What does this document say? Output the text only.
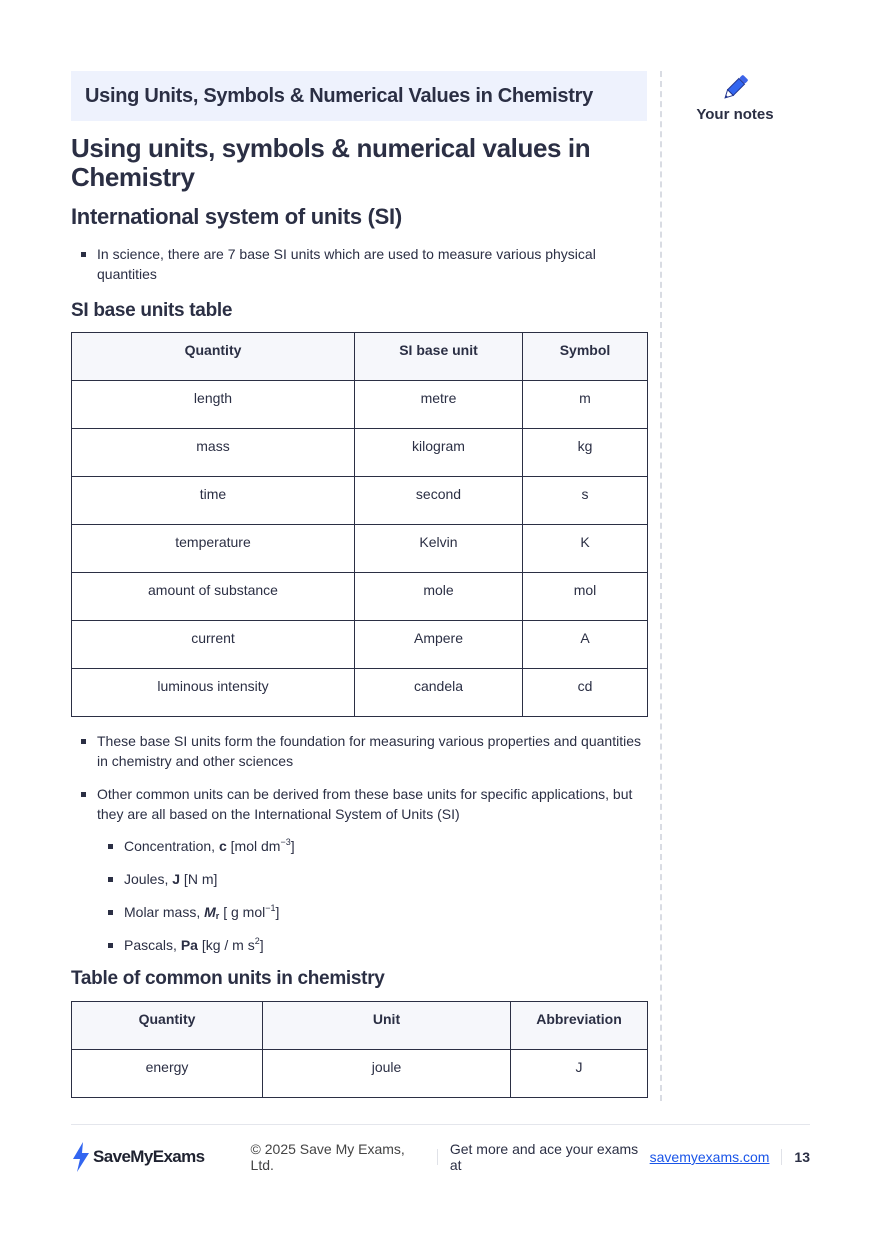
Using Units, Symbols & Numerical Values in Chemistry
Your notes
Using units, symbols & numerical values in Chemistry
International system of units (SI)
In science, there are 7 base SI units which are used to measure various physical quantities
SI base units table
Quantity	SI base unit	Symbol
length	metre	m
mass	kilogram	kg
time	second	s
temperature	Kelvin	K
amount of substance	mole	mol
current	Ampere	A
luminous intensity	candela	cd
These base SI units form the foundation for measuring various properties and quantities in chemistry and other sciences
Other common units can be derived from these base units for specific applications, but they are all based on the International System of Units (SI)
Concentration, c [mol $dm^{-3}$]
Joules, J [N m]
Molar mass, $M_r$ [ g mol$^{-1}$]
Pascals, Pa [kg / m $s^2$]
Table of common units in chemistry
Quantity	Unit	Abbreviation
energy	joule	J
SaveMyExams	© 2025 Save My Exams, Ltd.
Get more and ace your exams at	savemyexams.com 13
